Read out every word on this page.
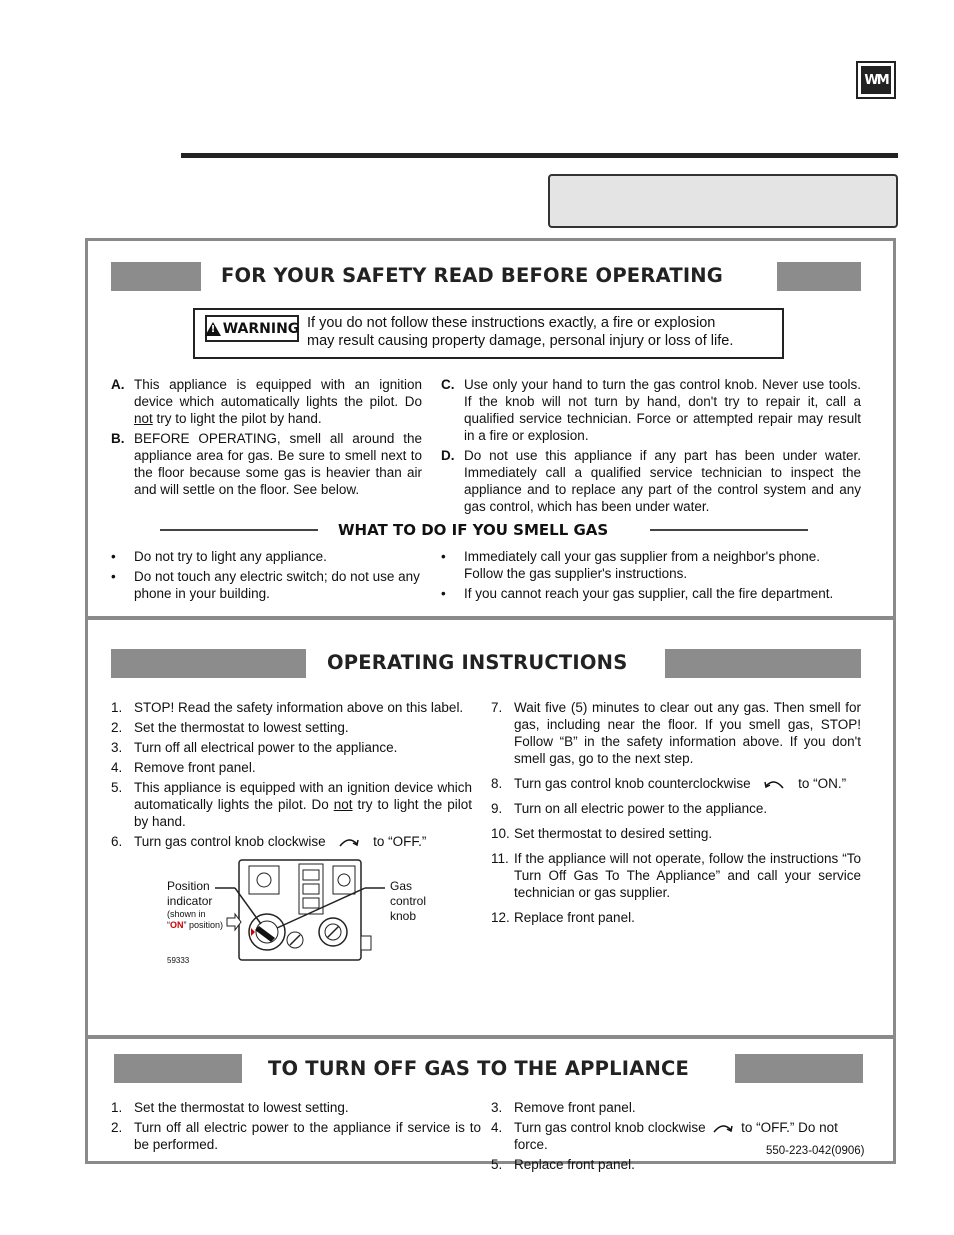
WM
FOR YOUR SAFETY READ BEFORE OPERATING
!
WARNING If you do not follow these instructions exactly, a fire or explosion
may result causing property damage, personal injury or loss of life.
A. This appliance is equipped with an ignition device which automatically lights the pilot. Do not try to light the pilot by hand.
B. BEFORE OPERATING, smell all around the appliance area for gas. Be sure to smell next to the floor because some gas is heavier than air and will settle on the floor. See below.
C. Use only your hand to turn the gas control knob. Never use tools. If the knob will not turn by hand, don't try to repair it, call a qualified service technician. Force or attempted repair may result in a fire or explosion.
D. Do not use this appliance if any part has been under water. Immediately call a qualified service technician to inspect the appliance and to replace any part of the control system and any gas control, which has been under water.
WHAT TO DO IF YOU SMELL GAS
•	Do not try to light any appliance.
•	Do not touch any electric switch; do not use any phone in your building.
•	Immediately call your gas supplier from a neighbor's phone. Follow the gas supplier's instructions.
•	If you cannot reach your gas supplier, call the fire department.
OPERATING INSTRUCTIONS
1. STOP! Read the safety information above on this label.
2. Set the thermostat to lowest setting.
3. Turn off all electrical power to the appliance.
4. Remove front panel.
5. This appliance is equipped with an ignition device which automatically lights the pilot. Do not try to light the pilot by hand.
6. Turn gas control knob clockwise	to “OFF.”
7. Wait five (5) minutes to clear out any gas. Then smell for gas, including near the floor. If you smell gas, STOP! Follow “B” in the safety information above. If you don't smell gas, go to the next step.
8. Turn gas control knob counterclockwise	to “ON.”
9. Turn on all electric power to the appliance.
10. Set thermostat to desired setting.
11. If the appliance will not operate, follow the instructions “To Turn Off Gas To The Appliance” and call your service technician or gas supplier.
12. Replace front panel.
Position
indicator
(shown in
“ON” position)
Gas
control
knob
59333
TO TURN OFF GAS TO THE APPLIANCE
1. Set the thermostat to lowest setting.
2. Turn off all electric power to the appliance if service is to be performed.
3. Remove front panel.
4. Turn gas control knob clockwise	to “OFF.” Do not force.
5. Replace front panel.
550-223-042(0906)
